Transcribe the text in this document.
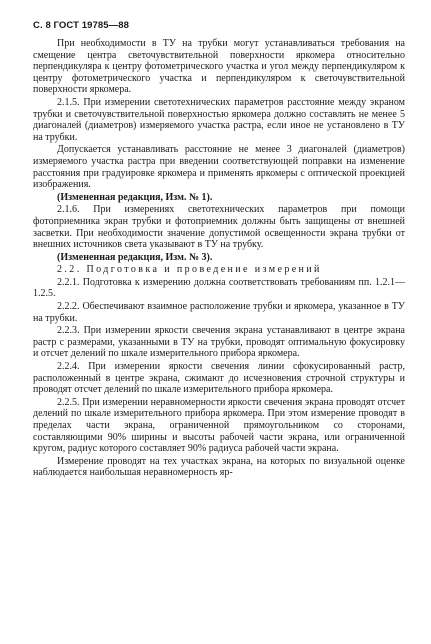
С. 8 ГОСТ 19785—88

При необходимости в ТУ на трубки могут устанавливаться требования на смещение центра светочувствительной поверхности яркомера относительно перпендикуляра к центру фотометрического участка и угол между перпендикуляром к центру фотометрического участка и перпендикуляром к светочувствительной поверхности яркомера.

2.1.5. При измерении светотехнических параметров расстояние между экраном трубки и светочувствительной поверхностью яркомера должно составлять не менее 5 диагоналей (диаметров) измеряемого участка растра, если иное не установлено в ТУ на трубки.

Допускается устанавливать расстояние не менее 3 диагоналей (диаметров) измеряемого участка растра при введении соответствующей поправки на изменение расстояния при градуировке яркомера и применять яркомеры с оптической проекцией изображения.

(Измененная редакция, Изм. № 1).

2.1.6. При измерениях светотехнических параметров при помощи фотоприемника экран трубки и фотоприемник должны быть защищены от внешней засветки. При необходимости значение допустимой освещенности экрана трубки от внешних источников света указывают в ТУ на трубку.

(Измененная редакция, Изм. № 3).

2.2. Подготовка и проведение измерений

2.2.1. Подготовка к измерению должна соответствовать требованиям пп. 1.2.1—1.2.5.

2.2.2. Обеспечивают взаимное расположение трубки и яркомера, указанное в ТУ на трубки.

2.2.3. При измерении яркости свечения экрана устанавливают в центре экрана растр с размерами, указанными в ТУ на трубки, проводят оптимальную фокусировку и отсчет делений по шкале измерительного прибора яркомера.

2.2.4. При измерении яркости свечения линии сфокусированный растр, расположенный в центре экрана, сжимают до исчезновения строчной структуры и проводят отсчет делений по шкале измерительного прибора яркомера.

2.2.5. При измерении неравномерности яркости свечения экрана проводят отсчет делений по шкале измерительного прибора яркомера. При этом измерение проводят в пределах части экрана, ограниченной прямоугольником со сторонами, составляющими 90% ширины и высоты рабочей части экрана, или ограниченной кругом, радиус которого составляет 90% радиуса рабочей части экрана.

Измерение проводят на тех участках экрана, на которых по визуальной оценке наблюдается наибольшая неравномерность яр-
